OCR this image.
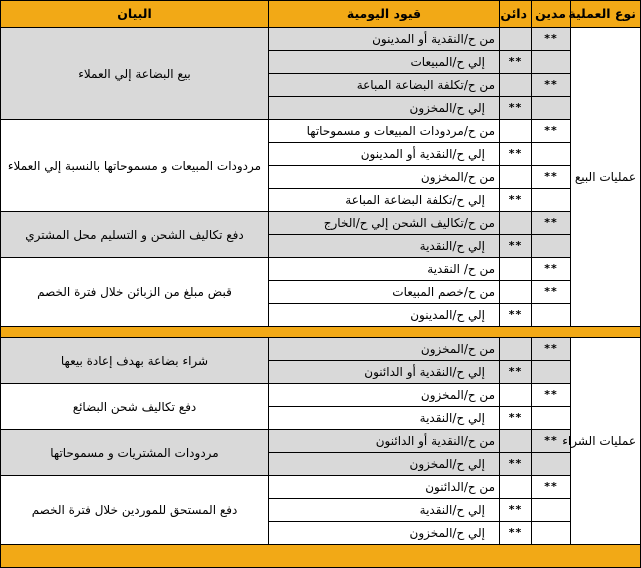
نوع العملية	مدين	دائن	قيود اليومية	البيان
عمليات البيع	**		من ح/النقدية أو المدينون	بيع البضاعة إلي العملاء
		**	إلي ح/المبيعات	
	**		من ح/تكلفة البضاعة المباعة	
		**	إلي ح/المخزون	
	**		من ح/مردودات المبيعات و مسموحاتها	مردودات المبيعات و مسموحاتها بالنسبة إلي العملاء
		**	إلي ح/النقدية أو المدينون	
	**		من ح/المخزون	
		**	إلي ح/تكلفة البضاعة المباعة	
	**		من ح/تكاليف الشحن إلي ح/الخارج	دفع تكاليف الشحن و التسليم محل المشتري
		**	إلي ح/النقدية	
	**		من ح/ النقدية	قبض مبلغ من الزبائن خلال فترة الخصم
	**		من ح/خصم المبيعات	
		**	إلي ح/المدينون	

عمليات الشراء	**		من ح/المخزون	شراء بضاعة بهدف إعادة بيعها
		**	إلي ح/النقدية أو الدائنون	
	**		من ح/المخزون	دفع تكاليف شحن البضائع
		**	إلي ح/النقدية	
	**		من ح/النقدية أو الدائنون	مردودات المشتريات و مسموحاتها
		**	إلي ح/المخزون	
	**		من ح/الدائنون	دفع المستحق للموردين خلال فترة الخصم
		**	إلي ح/النقدية	
		**	إلي ح/المخزون	
